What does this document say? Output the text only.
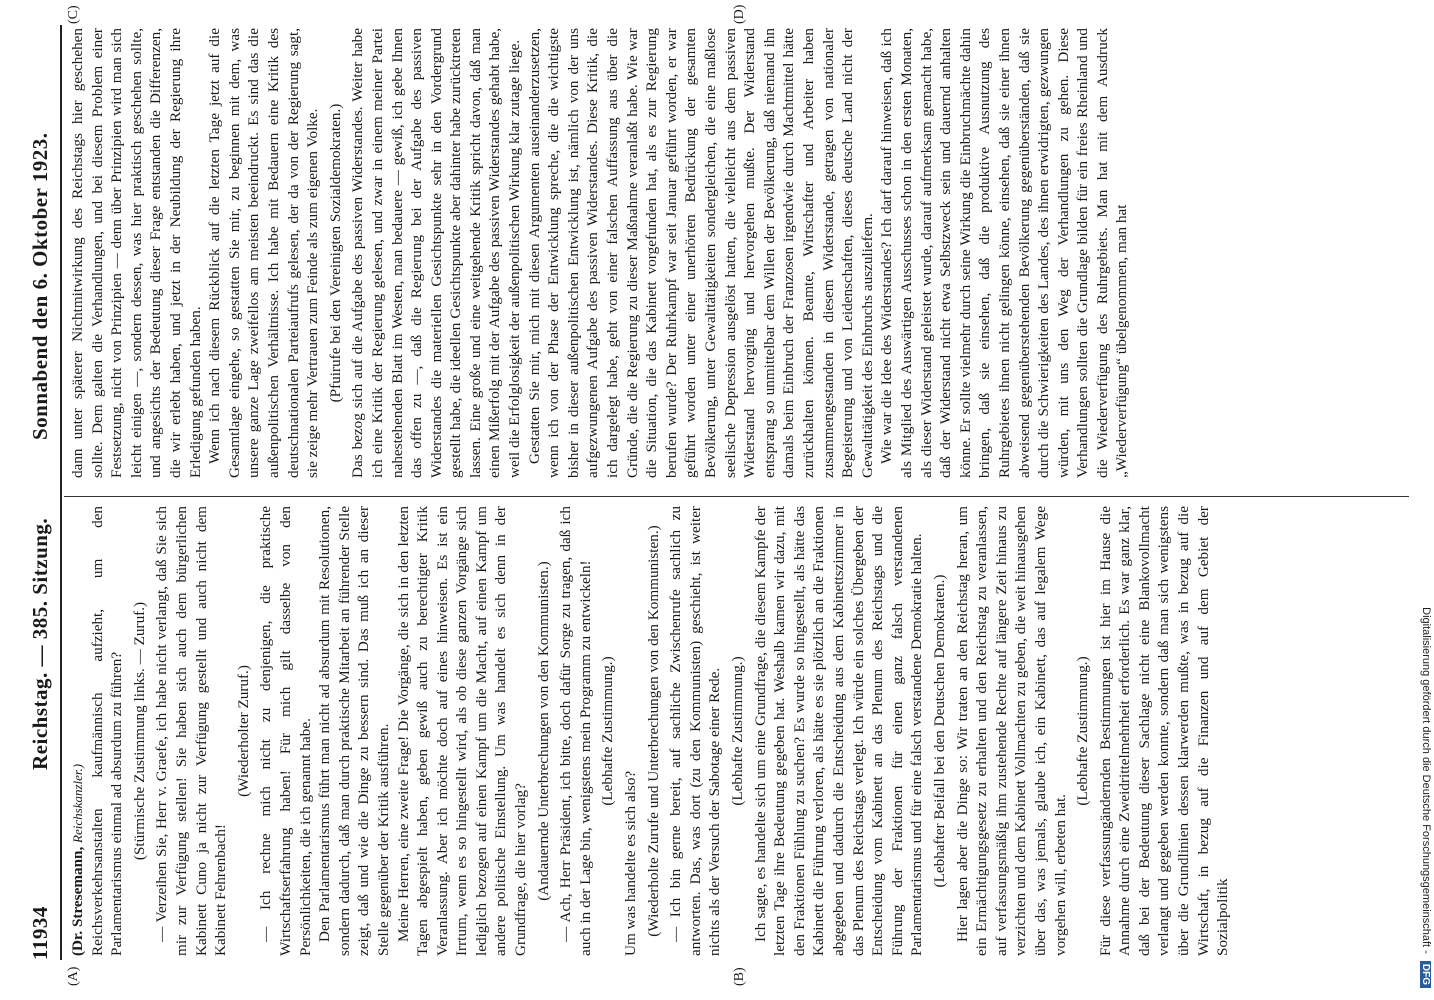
11934
Reichstag. — 385. Sitzung.
Sonnabend den 6. Oktober 1923.
(A)	(B)
(C)	(D)

(Dr. Stresemann, Reichskanzler.) Reichsverkehrsanstalten kaufmännisch aufzieht, um den Parlamentarismus einmal ad absurdum zu führen? (Stürmische Zustimmung links. — Zuruf.) — Verzeihen Sie, Herr v. Graefe, ich habe nicht verlangt, daß Sie sich mir zur Verfügung stellen! Sie haben sich auch dem bürgerlichen Kabinett Cuno ja nicht zur Verfügung gestellt und auch nicht dem Kabinett Fehrenbach!

(Wiederholter Zuruf.) — Ich rechne mich nicht zu denjenigen, die praktische Wirtschaftserfahrung haben! Für mich gilt dasselbe von den Persönlichkeiten, die ich genannt habe. Den Parlamentarismus führt man nicht ad absurdum mit Resolutionen, sondern dadurch, daß man durch praktische Mitarbeit an führender Stelle zeigt, daß und wie die Dinge zu bessern sind. Das muß ich an dieser Stelle gegenüber der Kritik ausführen. Meine Herren, eine zweite Frage! Die Vorgänge, die sich in den letzten Tagen abgespielt haben, geben gewiß auch zu berechtigter Kritik Veranlassung. Aber ich möchte doch auf eines hinweisen. Es ist ein Irrtum, wenn es so hingestellt wird, als ob diese ganzen Vorgänge sich lediglich bezogen auf einen Kampf um die Macht, auf einen Kampf um andere politische Einstellung. Um was handelt es sich denn in der Grundfrage, die hier vorlag? (Andauernde Unterbrechungen von den Kommunisten.) — Ach, Herr Präsident, ich bitte, doch dafür Sorge zu tragen, daß ich auch in der Lage bin, wenigstens mein Programm zu entwickeln! (Lebhafte Zustimmung.)

Um was handelte es sich also? (Wiederholte Zurufe und Unterbrechungen von den Kommunisten.) — Ich bin gerne bereit, auf sachliche Zwischenrufe sachlich zu antworten. Das, was dort (zu den Kommunisten) geschieht, ist weiter nichts als der Versuch der Sabotage einer Rede. (Lebhafte Zustimmung.) Ich sagte, es handelte sich um eine Grundfrage, die diesem Kampfe der letzten Tage ihre Bedeutung gegeben hat. Weshalb kamen wir dazu, mit den Fraktionen Fühlung zu suchen? Es wurde so hingestellt, als hätte das Kabinett die Führung verloren, als hätte es sie plötzlich an die Fraktionen abgegeben und dadurch die Entscheidung aus dem Kabinettszimmer in das Plenum des Reichstags verlegt. Ich würde ein solches Übergeben der Entscheidung vom Kabinett an das Plenum des Reichstags und die Führung der Fraktionen für einen ganz falsch verstandenen Parlamentarismus und für eine falsch verstandene Demokratie halten. (Lebhafter Beifall bei den Deutschen Demokraten.) Hier lagen aber die Dinge so: Wir traten an den Reichstag heran, um ein Ermächtigungsgesetz zu erhalten und den Reichstag zu veranlassen, auf verfassungsmäßig ihm zustehende Rechte auf längere Zeit hinaus zu verzichten und dem Kabinett Vollmachten zu geben, die weit hinausgehen über das, was jemals, glaube ich, ein Kabinett, das auf legalem Wege vorgehen will, erbeten hat.

(Lebhafte Zustimmung.) Für diese verfassungändernden Bestimmungen ist hier im Hause die Annahme durch eine Zweidrittelmehrheit erforderlich. Es war ganz klar, daß bei der Bedeutung dieser Sachlage nicht eine Blankovollmacht verlangt und gegeben werden konnte, sondern daß man sich wenigstens über die Grundlinien dessen klarwerden mußte, was in bezug auf die Wirtschaft, in bezug auf die Finanzen und auf dem Gebiet der Sozialpolitik

dann unter späterer Nichtmitwirkung des Reichstags hier geschehen sollte. Dem galten die Verhandlungen, und bei diesem Problem einer Festsetzung, nicht von Prinzipien — denn über Prinzipien wird man sich leicht einigen —, sondern dessen, was hier praktisch geschehen sollte, und angesichts der Bedeutung dieser Frage entstanden die Differenzen, die wir erlebt haben, und jetzt in der Neubildung der Regierung ihre Erledigung gefunden haben. Wenn ich nach diesem Rückblick auf die letzten Tage jetzt auf die Gesamtlage eingehe, so gestatten Sie mir, zu beginnen mit dem, was unsere ganze Lage zweifellos am meisten beeindruckt. Es sind das die außenpolitischen Verhältnisse. Ich habe mit Bedauern eine Kritik des deutschnationalen Parteiaufrufs gelesen, der da von der Regierung sagt, sie zeige mehr Vertrauen zum Feinde als zum eigenen Volke. (Pfuirufe bei den Vereinigten Sozialdemokraten.) Das bezog sich auf die Aufgabe des passiven Widerstandes. Weiter habe ich eine Kritik der Regierung gelesen, und zwar in einem meiner Partei nahestehenden Blatt im Westen, man bedauere — gewiß, ich gebe Ihnen das offen zu —, daß die Regierung bei der Aufgabe des passiven Widerstandes die materiellen Gesichtspunkte sehr in den Vordergrund gestellt habe, die ideellen Gesichtspunkte aber dahinter habe zurücktreten lassen. Eine große und eine weitgehende Kritik spricht davon, daß man einen Mißerfolg mit der Aufgabe des passiven Widerstandes gehabt habe, weil die Erfolglosigkeit der außenpolitischen Wirkung klar zutage liege. Gestatten Sie mir, mich mit diesen Argumenten auseinanderzusetzen, wenn ich von der Phase der Entwicklung spreche, die die wichtigste bisher in dieser außenpolitischen Entwicklung ist, nämlich von der uns aufgezwungenen Aufgabe des passiven Widerstandes. Diese Kritik, die ich dargelegt habe, geht von einer falschen Auffassung aus über die Gründe, die die Regierung zu dieser Maßnahme veranlaßt habe. Wie war die Situation, die das Kabinett vorgefunden hat, als es zur Regierung berufen wurde? Der Ruhrkampf war seit Januar geführt worden, er war geführt worden unter einer unerhörten Bedrückung der gesamten Bevölkerung, unter Gewalttätigkeiten sondergleichen, die eine maßlose seelische Depression ausgelöst hatten, die vielleicht aus dem passiven Widerstand hervorging und hervorgehen mußte. Der Widerstand entsprang so unmittelbar dem Willen der Bevölkerung, daß niemand ihn damals beim Einbruch der Franzosen irgendwie durch Machtmittel hätte zurückhalten können. Beamte, Wirtschafter und Arbeiter haben zusammengestanden in diesem Widerstande, getragen von nationaler Begeisterung und von Leidenschaften, dieses deutsche Land nicht der Gewalttätigkeit des Einbruchs auszuliefern. Wie war die Idee des Widerstandes? Ich darf darauf hinweisen, daß ich als Mitglied des Auswärtigen Ausschusses schon in den ersten Monaten, als dieser Widerstand geleistet wurde, darauf aufmerksam gemacht habe, daß der Widerstand nicht etwa Selbstzweck sein und dauernd anhalten könne. Er sollte vielmehr durch seine Wirkung die Einbruchmächte dahin bringen, daß sie einsehen, daß die produktive Ausnutzung des Ruhrgebietes ihnen nicht gelingen könne, einsehen, daß sie einer ihnen abweisend gegenüberstehenden Bevölkerung gegenüberständen, daß sie durch die Schwierigkeiten des Landes, des ihnen erwidrigten, gezwungen würden, mit uns den Weg der Verhandlungen zu gehen. Diese Verhandlungen sollten die Grundlage bilden für ein freies Rheinland und die Wiederverfügung des Ruhrgebiets. Man hat mit dem Ausdruck „Wiederverfügung“ übelgenommen, man hat

Digitalisierung gefördert durch die Deutsche Forschungsgemeinschaft - DFG
